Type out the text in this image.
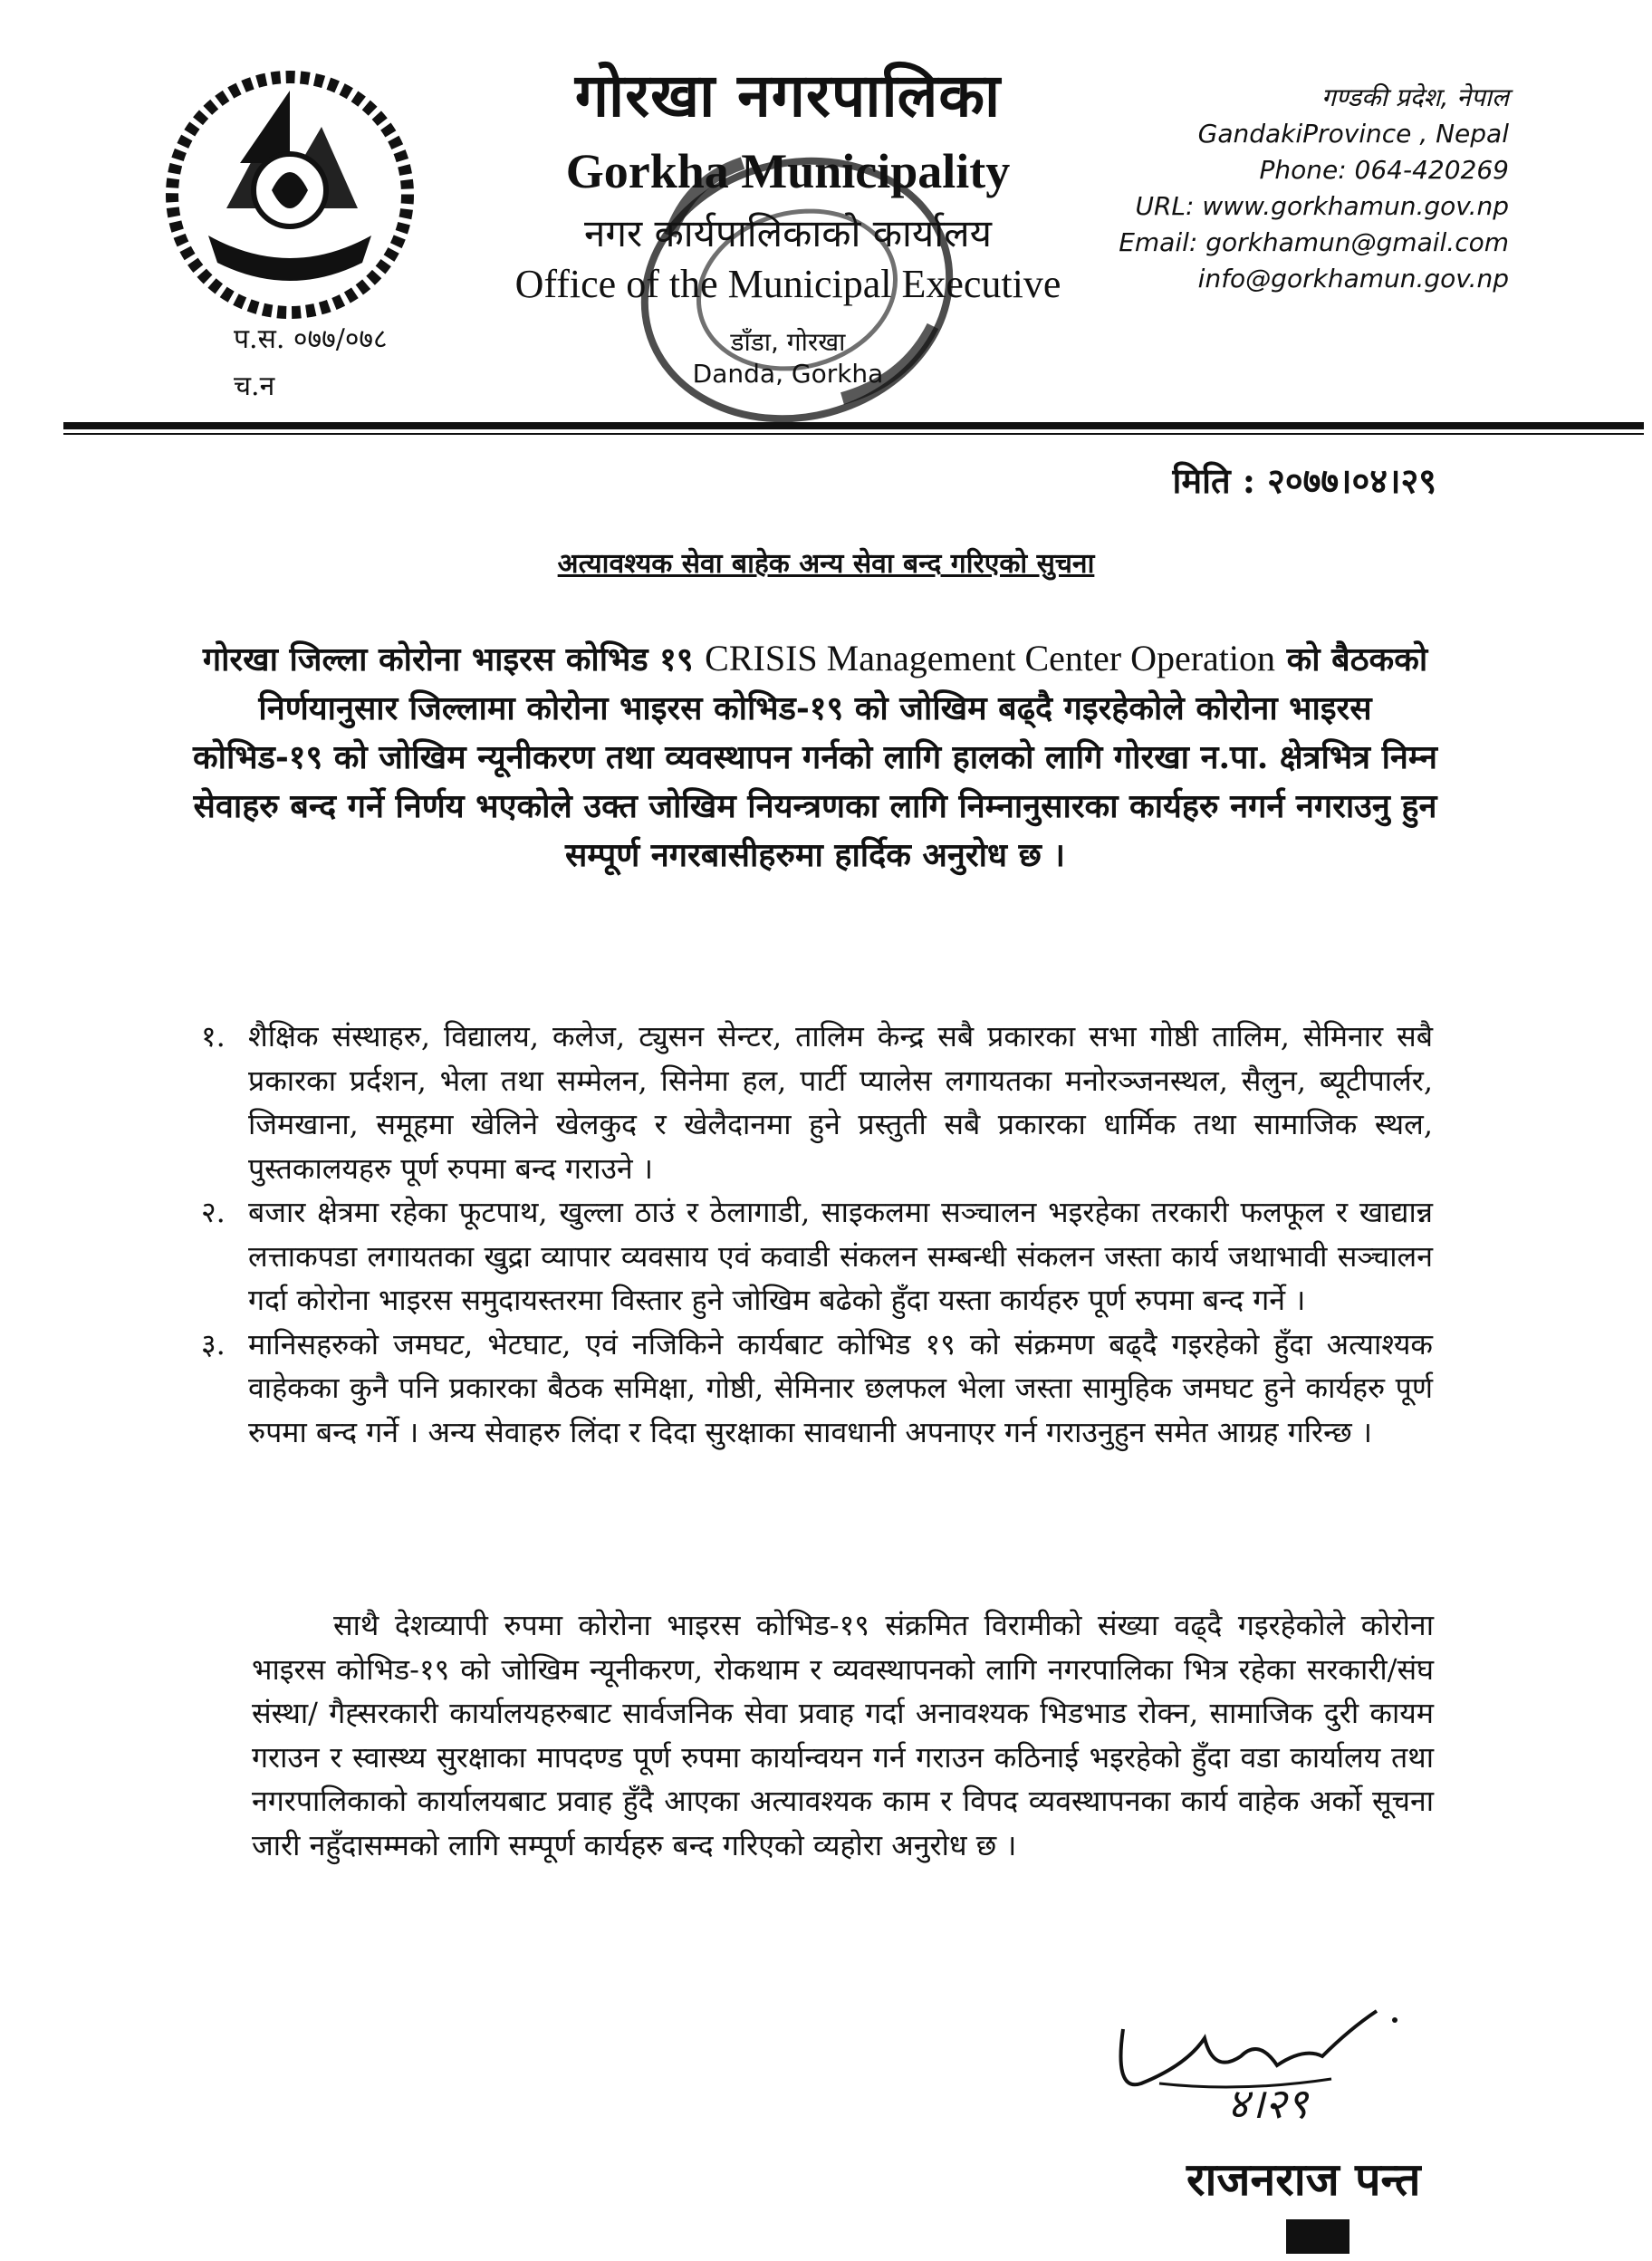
प.स. ०७७/०७८
च.न
गोरखा नगरपालिका
Gorkha Municipality
नगर कार्यपालिकाको कार्यालय
Office of the Municipal Executive
डाँडा, गोरखा
Danda, Gorkha
गण्डकी प्रदेश, नेपाल
GandakiProvince , Nepal
Phone: 064-420269
URL: www.gorkhamun.gov.np
Email: gorkhamun@gmail.com
info@gorkhamun.gov.np
मिति : २०७७।०४।२९
अत्यावश्यक सेवा बाहेक अन्य सेवा बन्द गरिएको सुचना
गोरखा जिल्ला कोरोना भाइरस कोभिड १९ CRISIS Management Center Operation को बैठकको निर्णयानुसार जिल्लामा कोरोना भाइरस कोभिड-१९ को जोखिम बढ्दै गइरहेकोले कोरोना भाइरस कोभिड-१९ को जोखिम न्यूनीकरण तथा व्यवस्थापन गर्नको लागि हालको लागि गोरखा न.पा. क्षेत्रभित्र निम्न सेवाहरु बन्द गर्ने निर्णय भएकोले उक्त जोखिम नियन्त्रणका लागि निम्नानुसारका कार्यहरु नगर्न नगराउनु हुन सम्पूर्ण नगरबासीहरुमा हार्दिक अनुरोध छ ।
१. शैक्षिक संस्थाहरु, विद्यालय, कलेज, ट्युसन सेन्टर, तालिम केन्द्र सबै प्रकारका सभा गोष्ठी तालिम, सेमिनार सबै प्रकारका प्रर्दशन, भेला तथा सम्मेलन, सिनेमा हल, पार्टी प्यालेस लगायतका मनोरञ्जनस्थल, सैलुन, ब्यूटीपार्लर, जिमखाना, समूहमा खेलिने खेलकुद र खेलैदानमा हुने प्रस्तुती सबै प्रकारका धार्मिक तथा सामाजिक स्थल, पुस्तकालयहरु पूर्ण रुपमा बन्द गराउने ।
२. बजार क्षेत्रमा रहेका फूटपाथ, खुल्ला ठाउं र ठेलागाडी, साइकलमा सञ्चालन भइरहेका तरकारी फलफूल र खाद्यान्न लत्ताकपडा लगायतका खुद्रा व्यापार व्यवसाय एवं कवाडी संकलन सम्बन्धी संकलन जस्ता कार्य जथाभावी सञ्चालन गर्दा कोरोना भाइरस समुदायस्तरमा विस्तार हुने जोखिम बढेको हुँदा यस्ता कार्यहरु पूर्ण रुपमा बन्द गर्ने ।
३. मानिसहरुको जमघट, भेटघाट, एवं नजिकिने कार्यबाट कोभिड १९ को संक्रमण बढ्दै गइरहेको हुँदा अत्याश्यक वाहेकका कुनै पनि प्रकारका बैठक समिक्षा, गोष्ठी, सेमिनार छलफल भेला जस्ता सामुहिक जमघट हुने कार्यहरु पूर्ण रुपमा बन्द गर्ने । अन्य सेवाहरु लिंदा र दिदा सुरक्षाका सावधानी अपनाएर गर्न गराउनुहुन समेत आग्रह गरिन्छ ।
साथै देशव्यापी रुपमा कोरोना भाइरस कोभिड-१९ संक्रमित विरामीको संख्या वढ्दै गइरहेकोले कोरोना भाइरस कोभिड-१९ को जोखिम न्यूनीकरण, रोकथाम र व्यवस्थापनको लागि नगरपालिका भित्र रहेका सरकारी/संघ संस्था/ गैह्सरकारी कार्यालयहरुबाट सार्वजनिक सेवा प्रवाह गर्दा अनावश्यक भिडभाड रोक्न, सामाजिक दुरी कायम गराउन र स्वास्थ्य सुरक्षाका मापदण्ड पूर्ण रुपमा कार्यान्वयन गर्न गराउन कठिनाई भइरहेको हुँदा वडा कार्यालय तथा नगरपालिकाको कार्यालयबाट प्रवाह हुँदै आएका अत्यावश्यक काम र विपद व्यवस्थापनका कार्य वाहेक अर्को सूचना जारी नहुँदासम्मको लागि सम्पूर्ण कार्यहरु बन्द गरिएको व्यहोरा अनुरोध छ ।
४।२९
राजनराज पन्त
